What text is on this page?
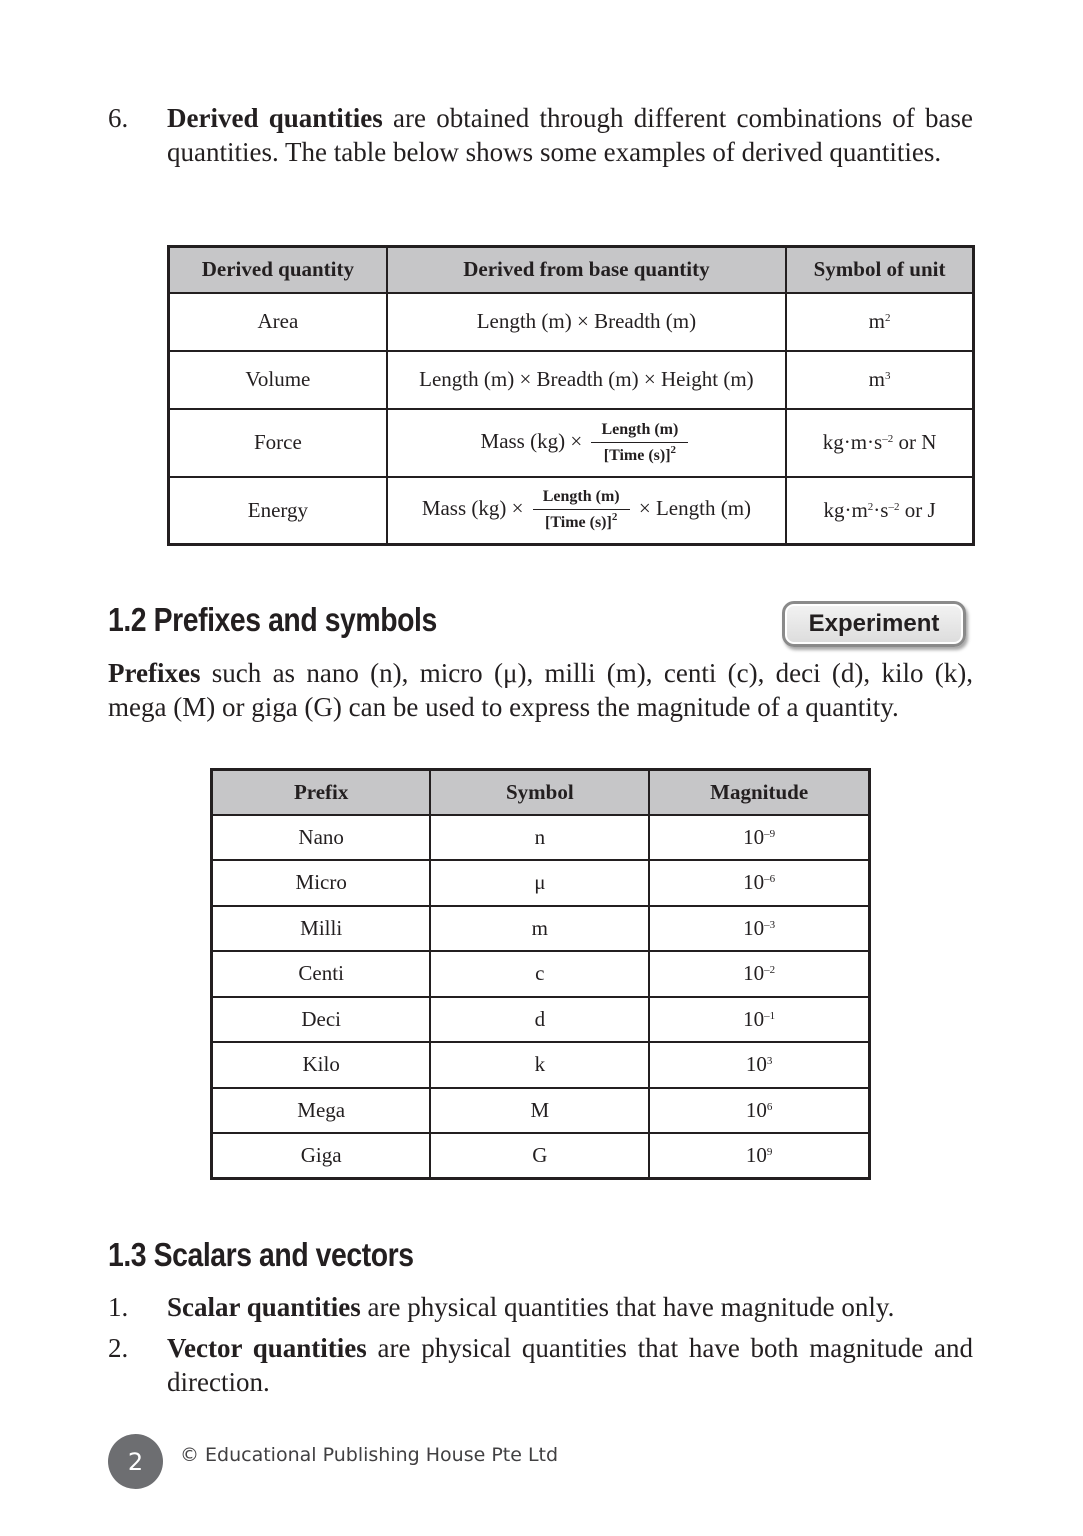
6. Derived quantities are obtained through different combinations of base quantities. The table below shows some examples of derived quantities.
Derived quantity	Derived from base quantity	Symbol of unit
Area	Length (m) × Breadth (m)	$m^2$
Volume	Length (m) × Breadth (m) × Height (m)	$m^3$
Force	Mass $(kg) \times \frac{\text{Length (m)}}{[Time (s)]^2}$	$kg\cdot m\cdot s^{-2}$ or N
Energy	Mass $(kg) \times \frac{\text{Length (m)}}{[Time (s)]^2}$ × Length (m)	$kg\cdot m^2\cdot s^{-2}$ or J
1.2 Prefixes and symbols	Experiment
Prefixes such as nano (n), micro (μ), milli (m), centi (c), deci (d), kilo (k), mega (M) or giga (G) can be used to express the magnitude of a quantity.
Prefix	Symbol	Magnitude
Nano	n	$10^{-9}$
Micro	μ	$10^{-6}$
Milli	m	$10^{-3}$
Centi	c	$10^{-2}$
Deci	d	$10^{-1}$
Kilo	k	$10^3$
Mega	M	$10^6$
Giga	G	$10^9$
1.3 Scalars and vectors
1. Scalar quantities are physical quantities that have magnitude only.
2. Vector quantities are physical quantities that have both magnitude and direction.
2 © Educational Publishing House Pte Ltd
